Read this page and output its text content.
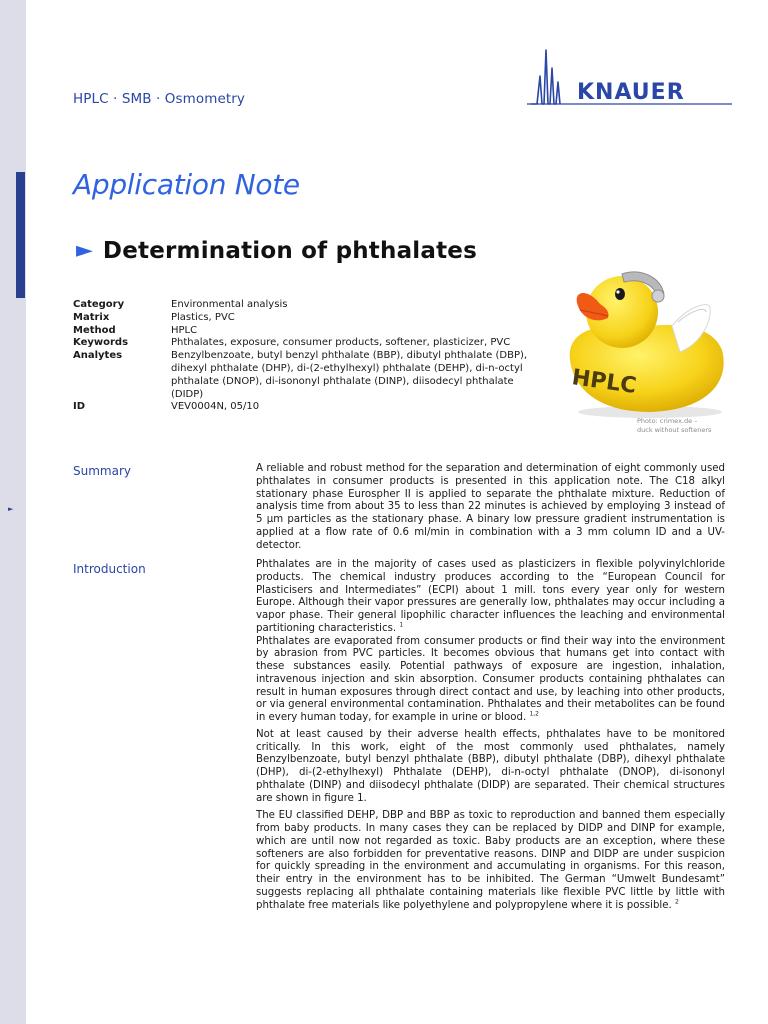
►
HPLC · SMB · Osmometry	KNAUER
Application Note
► Determination of phthalates
Category	Environmental analysis
Matrix	Plastics, PVC
Method	HPLC
Keywords	Phthalates, exposure, consumer products, softener, plasticizer, PVC
Analytes	Benzylbenzoate, butyl benzyl phthalate (BBP), dibutyl phthalate (DBP), dihexyl phthalate (DHP), di-(2-ethylhexyl) phthalate (DEHP), di-n-octyl phthalate (DNOP), di-isononyl phthalate (DINP), diisodecyl phthalate (DIDP)
ID	VEV0004N, 05/10
HPLC
Photo: crimex.de –
duck without softeners
Summary	A reliable and robust method for the separation and determination of eight commonly used phthalates in consumer products is presented in this application note. The C18 alkyl stationary phase Eurospher II is applied to separate the phthalate mixture. Reduction of analysis time from about 35 to less than 22 minutes is achieved by employing 3 instead of 5 µm particles as the stationary phase. A binary low pressure gradient instrumentation is applied at a flow rate of 0.6 ml/min in combination with a 3 mm column ID and a UV-detector.

Introduction	Phthalates are in the majority of cases used as plasticizers in flexible polyvinylchloride products. The chemical industry produces according to the “European Council for Plasticisers and Intermediates” (ECPI) about 1 mill. tons every year only for western Europe. Although their vapor pressures are generally low, phthalates may occur including a vapor phase. Their general lipophilic character influences the leaching and environmental partitioning characteristics. $^1$

Phthalates are evaporated from consumer products or find their way into the environment by abrasion from PVC particles. It becomes obvious that humans get into contact with these substances easily. Potential pathways of exposure are ingestion, inhalation, intravenous injection and skin absorption. Consumer products containing phthalates can result in human exposures through direct contact and use, by leaching into other products, or via general environmental contamination. Phthalates and their metabolites can be found in every human today, for example in urine or blood. $^{1,2}$

Not at least caused by their adverse health effects, phthalates have to be monitored critically. In this work, eight of the most commonly used phthalates, namely Benzylbenzoate, butyl benzyl phthalate (BBP), dibutyl phthalate (DBP), dihexyl phthalate (DHP), di-(2-ethylhexyl) Phthalate (DEHP), di-n-octyl phthalate (DNOP), di-isononyl phthalate (DINP) and diisodecyl phthalate (DIDP) are separated. Their chemical structures are shown in figure 1.

The EU classified DEHP, DBP and BBP as toxic to reproduction and banned them especially from baby products. In many cases they can be replaced by DIDP and DINP for example, which are until now not regarded as toxic. Baby products are an exception, where these softeners are also forbidden for preventative reasons. DINP and DIDP are under suspicion for quickly spreading in the environment and accumulating in organisms. For this reason, their entry in the environment has to be inhibited. The German “Umwelt Bundesamt” suggests replacing all phthalate containing materials like flexible PVC little by little with phthalate free materials like polyethylene and polypropylene where it is possible. $^2$
